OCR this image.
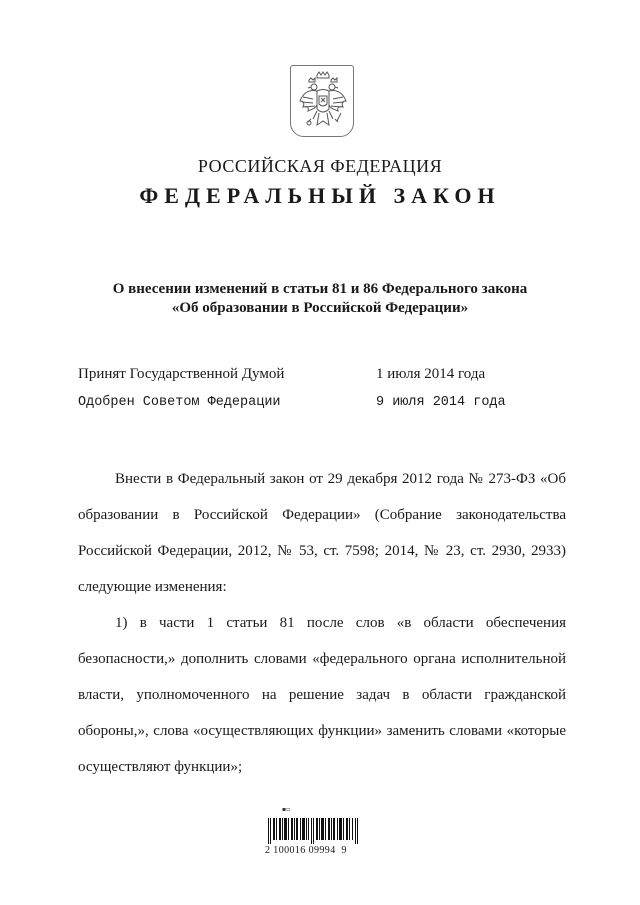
РОССИЙСКАЯ ФЕДЕРАЦИЯ
ФЕДЕРАЛЬНЫЙ ЗАКОН
О внесении изменений в статьи 81 и 86 Федерального закона
«Об образовании в Российской Федерации»
Принят Государственной Думой	1 июля 2014 года
Одобрен Советом Федерации	9 июля 2014 года

Внести в Федеральный закон от 29 декабря 2012 года № 273-ФЗ «Об образовании в Российской Федерации» (Собрание законодательства Российской Федерации, 2012, № 53, ст. 7598; 2014, № 23, ст. 2930, 2933) следующие изменения:

1) в части 1 статьи 81 после слов «в области обеспечения безопасности,» дополнить словами «федерального органа исполнительной власти, уполномоченного на решение задач в области гражданской обороны,», слова «осуществляющих функции» заменить словами «которые осуществляют функции»;

▪▫
2 100016 09994  9
